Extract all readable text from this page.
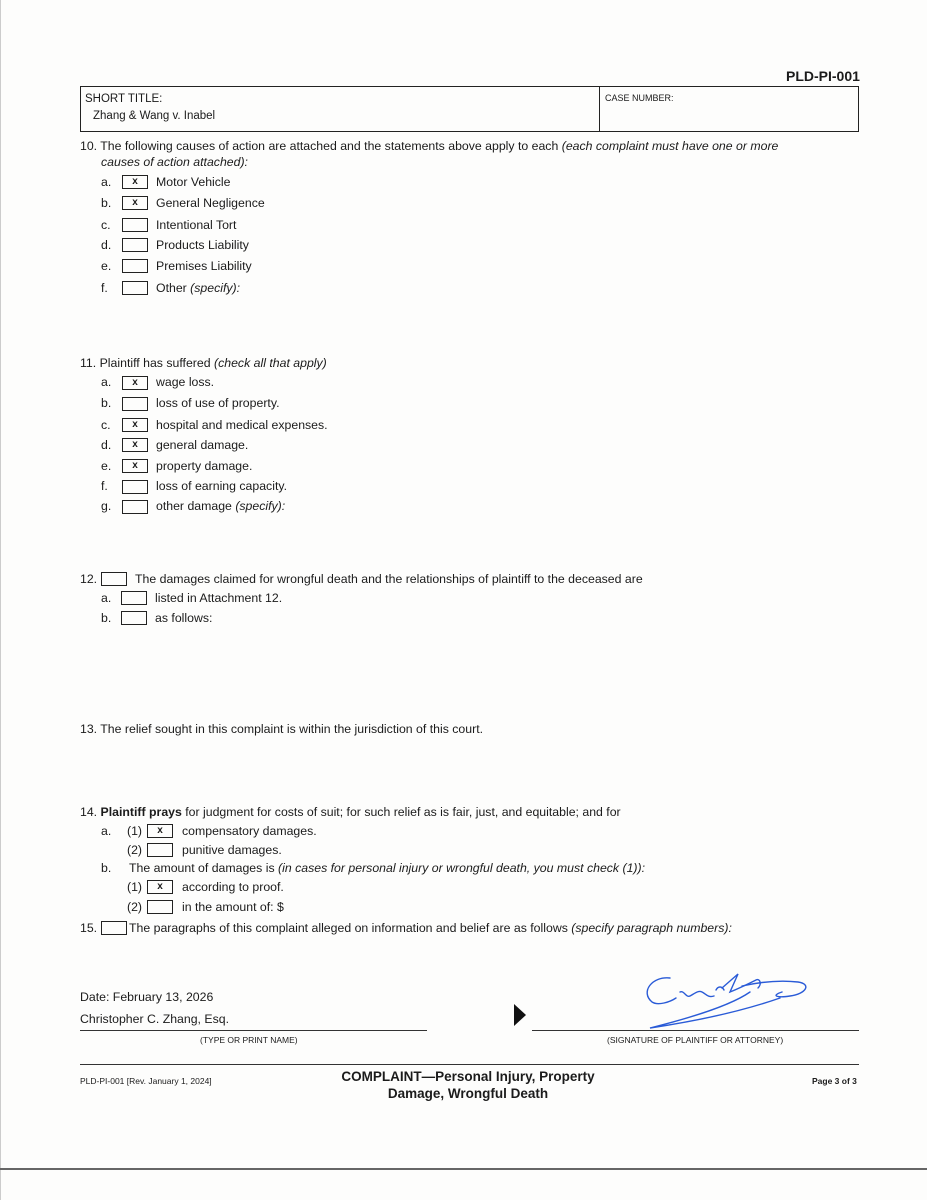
PLD-PI-001
SHORT TITLE:
Zhang & Wang v. Inabel
CASE NUMBER:
10. The following causes of action are attached and the statements above apply to each (each complaint must have one or more
causes of action attached):
a.	x	Motor Vehicle
b.	x	General Negligence
c.	Intentional Tort
d.	Products Liability
e.	Premises Liability
f.	Other (specify):
11. Plaintiff has suffered (check all that apply)
a.	x	wage loss.
b.	loss of use of property.
c.	x	hospital and medical expenses.
d.	x	general damage.
e.	x	property damage.
f.	loss of earning capacity.
g.	other damage (specify):
12.	The damages claimed for wrongful death and the relationships of plaintiff to the deceased are
a.	listed in Attachment 12.
b.	as follows:
13. The relief sought in this complaint is within the jurisdiction of this court.
14. Plaintiff prays for judgment for costs of suit; for such relief as is fair, just, and equitable; and for
a. (1)	x	compensatory damages.
(2)	punitive damages.
b. The amount of damages is (in cases for personal injury or wrongful death, you must check (1)):
(1)	x	according to proof.
(2)	in the amount of: $
15.	The paragraphs of this complaint alleged on information and belief are as follows (specify paragraph numbers):
Date: February 13, 2026
Christopher C. Zhang, Esq.
(TYPE OR PRINT NAME)	(SIGNATURE OF PLAINTIFF OR ATTORNEY)
PLD-PI-001 [Rev. January 1, 2024]	COMPLAINT—Personal Injury, Property
Damage, Wrongful Death
Page 3 of 3
